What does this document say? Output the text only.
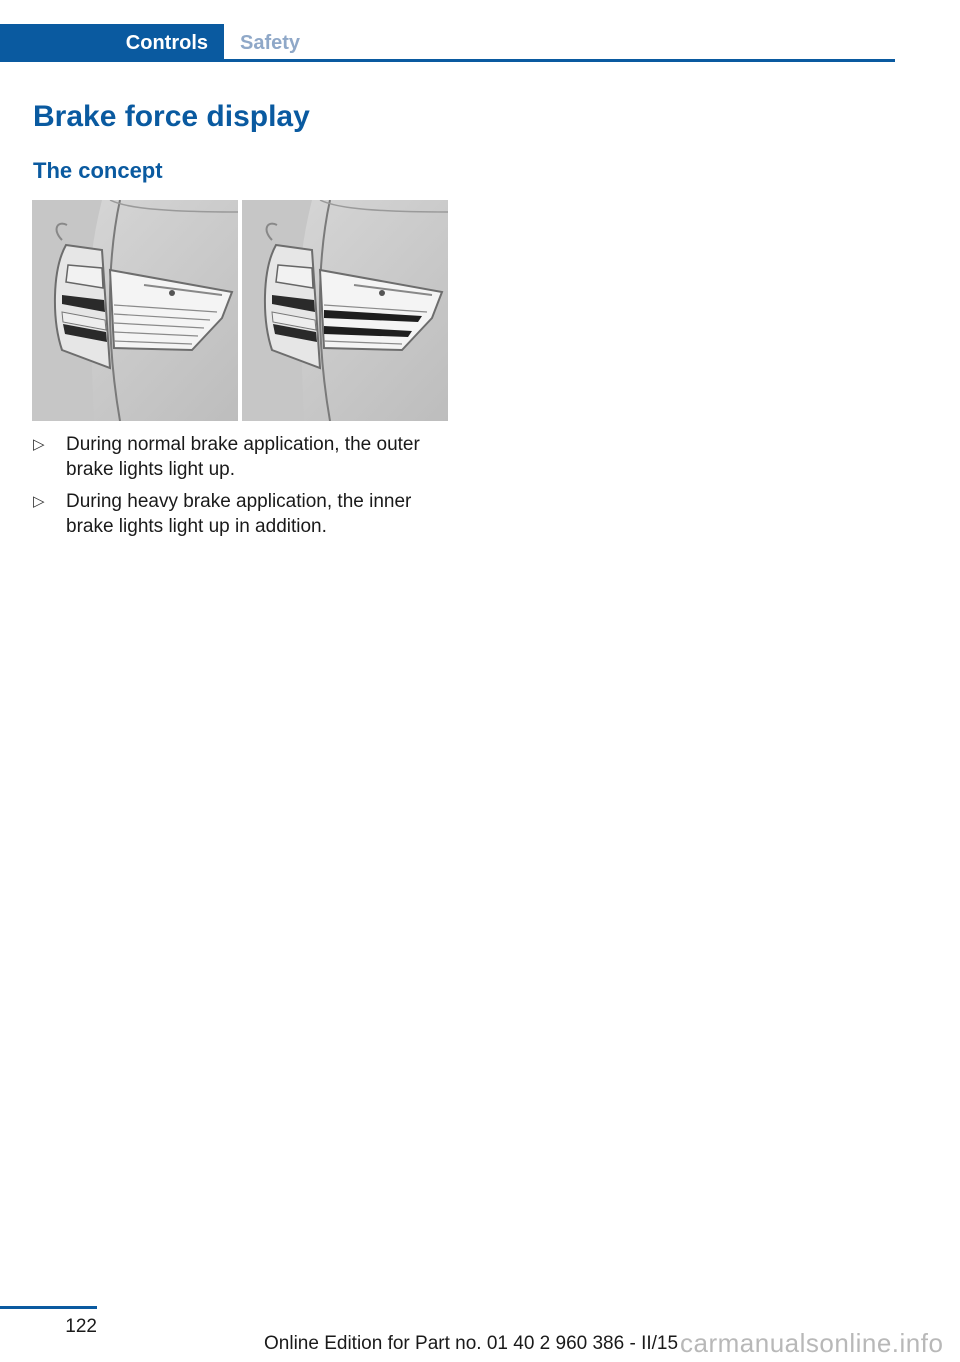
Controls	Safety
Brake force display
The concept
▷ During normal brake application, the outer brake lights light up.
▷ During heavy brake application, the inner brake lights light up in addition.
122
Online Edition for Part no. 01 40 2 960 386 - II/15 carmanualsonline.info
